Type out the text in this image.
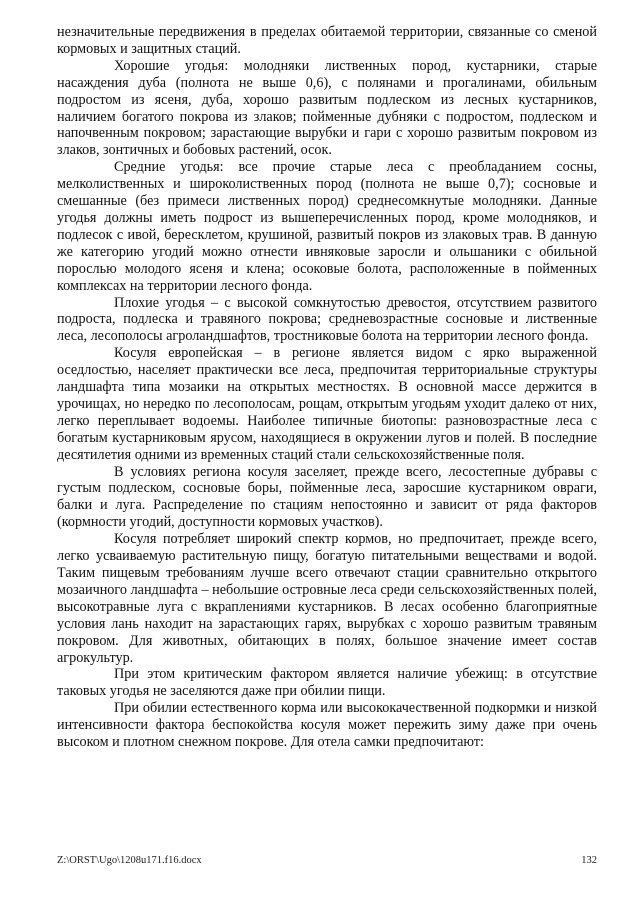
незначительные передвижения в пределах обитаемой территории, связанные со сменой кормовых и защитных стаций.

Хорошие угодья: молодняки лиственных пород, кустарники, старые насаждения дуба (полнота не выше 0,6), с полянами и прогалинами, обильным подростом из ясеня, дуба, хорошо развитым подлеском из лесных кустарников, наличием богатого покрова из злаков; пойменные дубняки с подростом, подлеском и напочвенным покровом; зарастающие вырубки и гари с хорошо развитым покровом из злаков, зонтичных и бобовых растений, осок.

Средние угодья: все прочие старые леса с преобладанием сосны, мелколиственных и широколиственных пород (полнота не выше 0,7); сосновые и смешанные (без примеси лиственных пород) среднесомкнутые молодняки. Данные угодья должны иметь подрост из вышеперечисленных пород, кроме молодняков, и подлесок с ивой, бересклетом, крушиной, развитый покров из злаковых трав. В данную же категорию угодий можно отнести ивняковые заросли и ольшаники с обильной порослью молодого ясеня и клена; осоковые болота, расположенные в пойменных комплексах на территории лесного фонда.

Плохие угодья – с высокой сомкнутостью древостоя, отсутствием развитого подроста, подлеска и травяного покрова; средневозрастные сосновые и лиственные леса, лесополосы агроландшафтов, тростниковые болота на территории лесного фонда.

Косуля европейская – в регионе является видом с ярко выраженной оседлостью, населяет практически все леса, предпочитая территориальные структуры ландшафта типа мозаики на открытых местностях. В основной массе держится в урочищах, но нередко по лесополосам, рощам, открытым угодьям уходит далеко от них, легко переплывает водоемы. Наиболее типичные биотопы: разновозрастные леса с богатым кустарниковым ярусом, находящиеся в окружении лугов и полей. В последние десятилетия одними из временных стаций стали сельскохозяйственные поля.

В условиях региона косуля заселяет, прежде всего, лесостепные дубравы с густым подлеском, сосновые боры, пойменные леса, заросшие кустарником овраги, балки и луга. Распределение по стациям непостоянно и зависит от ряда факторов (кормности угодий, доступности кормовых участков).

Косуля потребляет широкий спектр кормов, но предпочитает, прежде всего, легко усваиваемую растительную пищу, богатую питательными веществами и водой. Таким пищевым требованиям лучше всего отвечают стации сравнительно открытого мозаичного ландшафта – небольшие островные леса среди сельскохозяйственных полей, высокотравные луга с вкраплениями кустарников. В лесах особенно благоприятные условия лань находит на зарастающих гарях, вырубках с хорошо развитым травяным покровом. Для животных, обитающих в полях, большое значение имеет состав агрокультур.

При этом критическим фактором является наличие убежищ: в отсутствие таковых угодья не заселяются даже при обилии пищи.

При обилии естественного корма или высококачественной подкормки и низкой интенсивности фактора беспокойства косуля может пережить зиму даже при очень высоком и плотном снежном покрове. Для отела самки предпочитают:

Z:\ORST\Ugo\1208u171.f16.docx	132
